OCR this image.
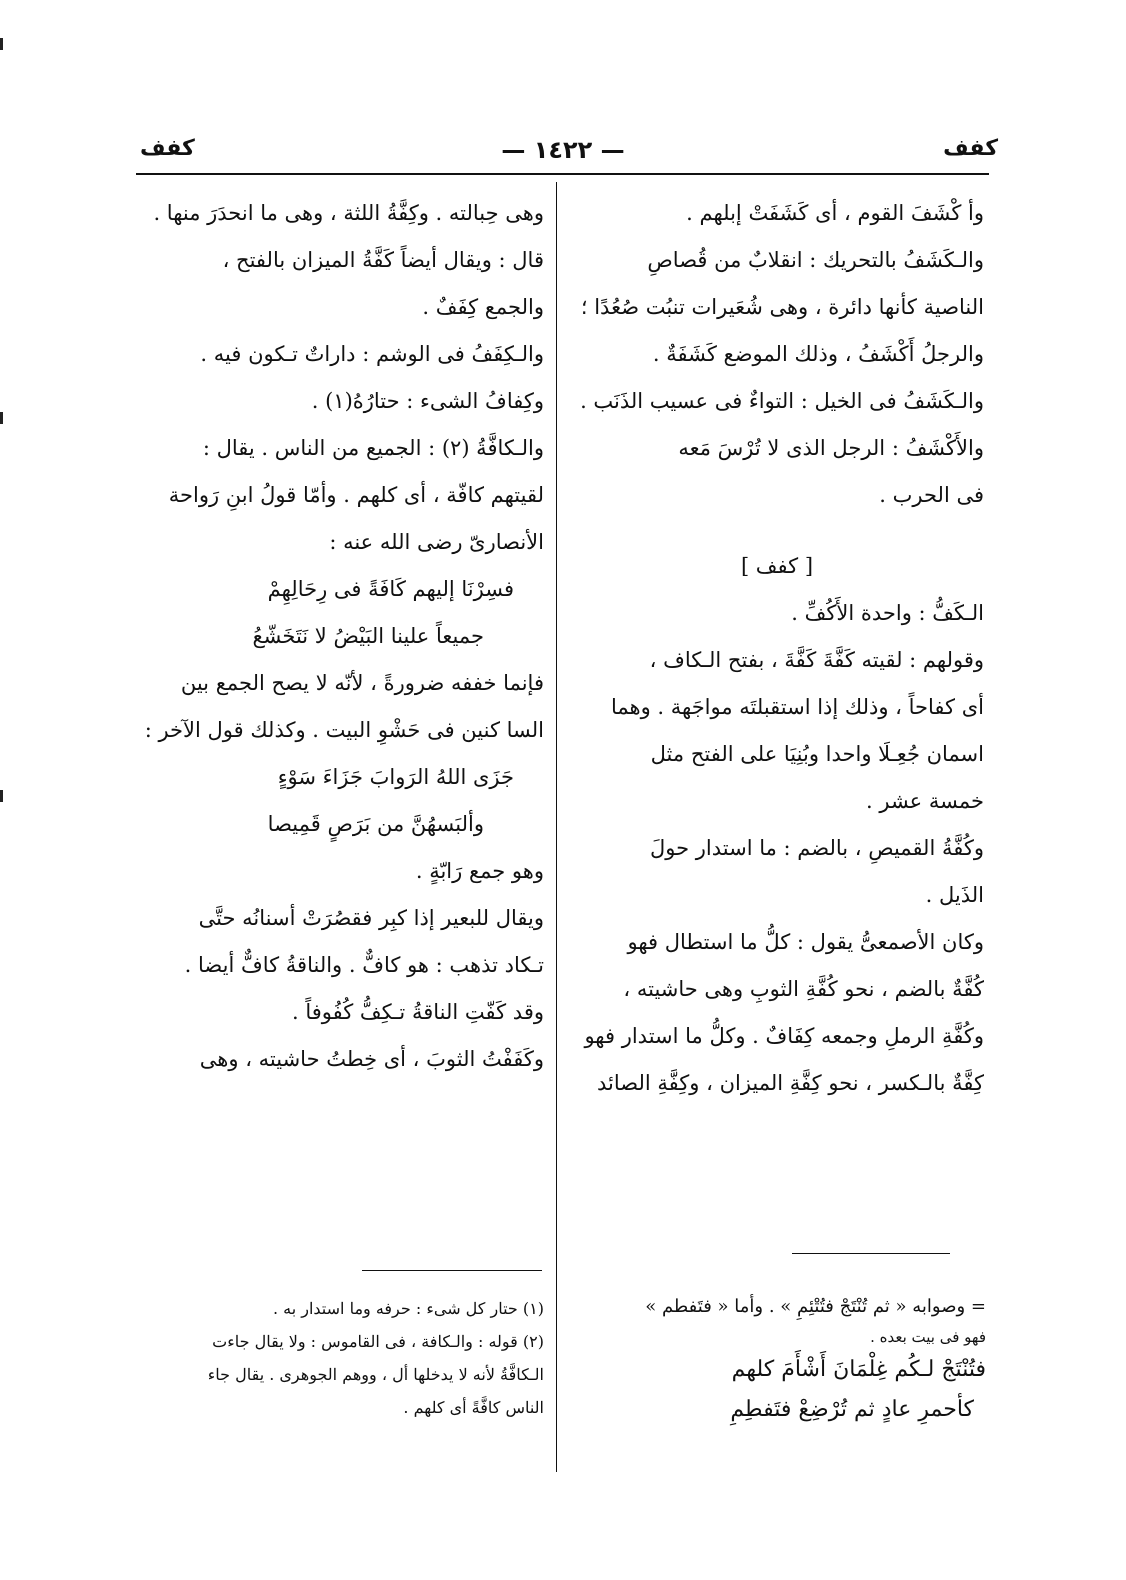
— ١٤٢٢ —	كفف
كفف

وأ كْشَفَ القوم ، أى كَشَفَتْ إبلهم .

والـكَشَفُ بالتحريك : انقلابٌ من قُصاصِ

الناصية كأنها دائرة ، وهى شُعَيرات تنبُت صُعُدًا ؛

والرجلُ أَكْشَفُ ، وذلك الموضع كَشَفَةٌ .

والـكَشَفُ فى الخيل : التواءٌ فى عسيب الذَنَب .

والأَكْشَفُ : الرجل الذى لا تُرْسَ مَعه

فى الحرب .

[ كفف ]

الـكَفُّ : واحدة الأَكُفِّ .

وقولهم : لقيته كَفَّةَ كَفَّةَ ، بفتح الـكاف ،

أى كفاحاً ، وذلك إذا استقبلتَه مواجَهة . وهما

اسمان جُعِـلَا واحدا وبُنِيَا على الفتح مثل

خمسة عشر .

وكُفَّةُ القميصِ ، بالضم : ما استدار حولَ

الذَيل .

وكان الأصمعىُّ يقول : كلُّ ما استطال فهو

كُفَّةٌ بالضم ، نحو كُفَّةِ الثوبِ وهى حاشيته ،

وكُفَّةِ الرملِ وجمعه كِفَافٌ . وكلُّ ما استدار فهو

كِفَّةٌ بالـكسر ، نحو كِفَّةِ الميزان ، وكِفَّةِ الصائد

وهى حِبالته . وكِفَّةُ اللثة ، وهى ما انحدَرَ منها .

قال : ويقال أيضاً كَفَّةُ الميزان بالفتح ،

والجمع كِفَفٌ .

والـكِفَفُ فى الوشم : داراتٌ تـكون فيه .

وكِفافُ الشىء : حتارُهُ(١) .

والـكافَّةُ (٢) : الجميع من الناس . يقال :

لقيتهم كافّة ، أى كلهم . وأمّا قولُ ابنِ رَواحة

الأنصارىّ رضى الله عنه :

فسِرْنَا إليهم كَافَةً فى رِحَالِهِمْ

جميعاً علينا البَيْضُ لا نَتَخَشّعُ

فإنما خففه ضرورةً ، لأنّه لا يصح الجمع بين

السا كنين فى حَشْوِ البيت . وكذلك قول الآخر :

جَزَى اللهُ الرَوابَ جَزَاءَ سَوْءٍ

وألبَسهُنَّ من بَرَصٍ قَمِيصا

وهو جمع رَابّةٍ .

ويقال للبعير إذا كبِر فقصُرَتْ أسنانُه حتَّى

تـكاد تذهب : هو كافٌّ . والناقةُ كافٌّ أيضا .

وقد كَفّتِ الناقةُ تـكِفُّ كُفُوفاً .

وكَفَفْتُ الثوبَ ، أى خِطتُ حاشيته ، وهى

(١) حتار كل شىء : حرفه وما استدار به .

(٢) قوله : والـكافة ، فى القاموس : ولا يقال جاءت

الـكافَّةُ لأنه لا يدخلها أل ، ووهم الجوهرى . يقال جاء

الناس كافَّةً أى كلهم .

= وصوابه « ثم تُنْتَجْ فتُتْئِمِ » . وأما « فتَفطم »

فهو فى بيت بعده .

فتُنْتَجْ لـكُم غِلْمَانَ أَشْأَمَ كلهم

كأحمرِ عادٍ ثم تُرْضِعْ فتَفطِمِ
